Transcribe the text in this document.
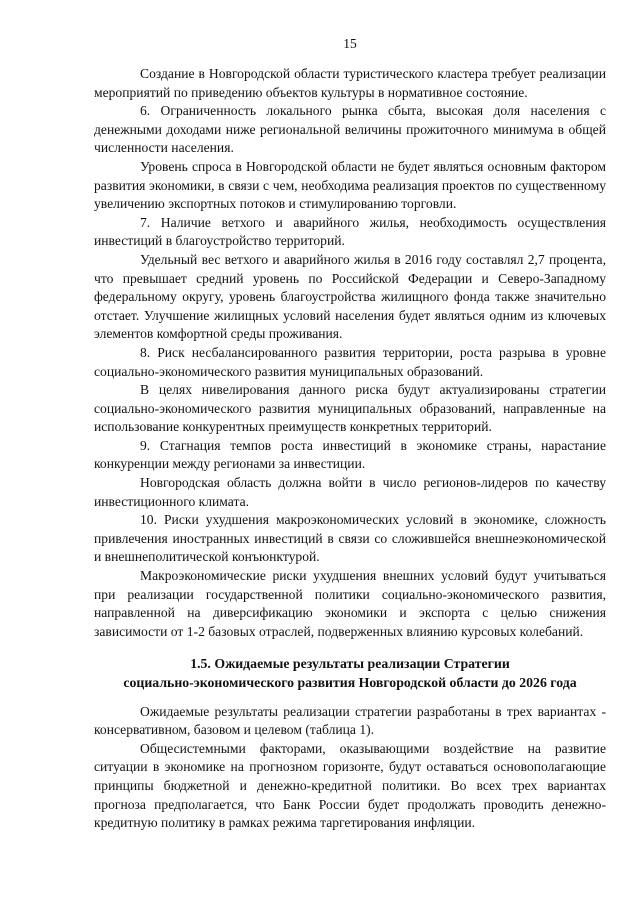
15

Создание в Новгородской области туристического кластера требует реализации мероприятий по приведению объектов культуры в нормативное состояние.

6. Ограниченность локального рынка сбыта, высокая доля населения с денежными доходами ниже региональной величины прожиточного минимума в общей численности населения.

Уровень спроса в Новгородской области не будет являться основным фактором развития экономики, в связи с чем, необходима реализация проектов по существенному увеличению экспортных потоков и стимулированию торговли.

7. Наличие ветхого и аварийного жилья, необходимость осуществления инвестиций в благоустройство территорий.

Удельный вес ветхого и аварийного жилья в 2016 году составлял 2,7 процента, что превышает средний уровень по Российской Федерации и Северо-Западному федеральному округу, уровень благоустройства жилищного фонда также значительно отстает. Улучшение жилищных условий населения будет являться одним из ключевых элементов комфортной среды проживания.

8. Риск несбалансированного развития территории, роста разрыва в уровне социально-экономического развития муниципальных образований.

В целях нивелирования данного риска будут актуализированы стратегии социально-экономического развития муниципальных образований, направленные на использование конкурентных преимуществ конкретных территорий.

9. Стагнация темпов роста инвестиций в экономике страны, нарастание конкуренции между регионами за инвестиции.

Новгородская область должна войти в число регионов-лидеров по качеству инвестиционного климата.

10. Риски ухудшения макроэкономических условий в экономике, сложность привлечения иностранных инвестиций в связи со сложившейся внешнеэкономической и внешнеполитической конъюнктурой.

Макроэкономические риски ухудшения внешних условий будут учитываться при реализации государственной политики социально-экономического развития, направленной на диверсификацию экономики и экспорта с целью снижения зависимости от 1-2 базовых отраслей, подверженных влиянию курсовых колебаний.

1.5. Ожидаемые результаты реализации Стратегии
социально-экономического развития Новгородской области до 2026 года

Ожидаемые результаты реализации стратегии разработаны в трех вариантах - консервативном, базовом и целевом (таблица 1).

Общесистемными факторами, оказывающими воздействие на развитие ситуации в экономике на прогнозном горизонте, будут оставаться основополагающие принципы бюджетной и денежно-кредитной политики. Во всех трех вариантах прогноза предполагается, что Банк России будет продолжать проводить денежно-кредитную политику в рамках режима таргетирования инфляции.
